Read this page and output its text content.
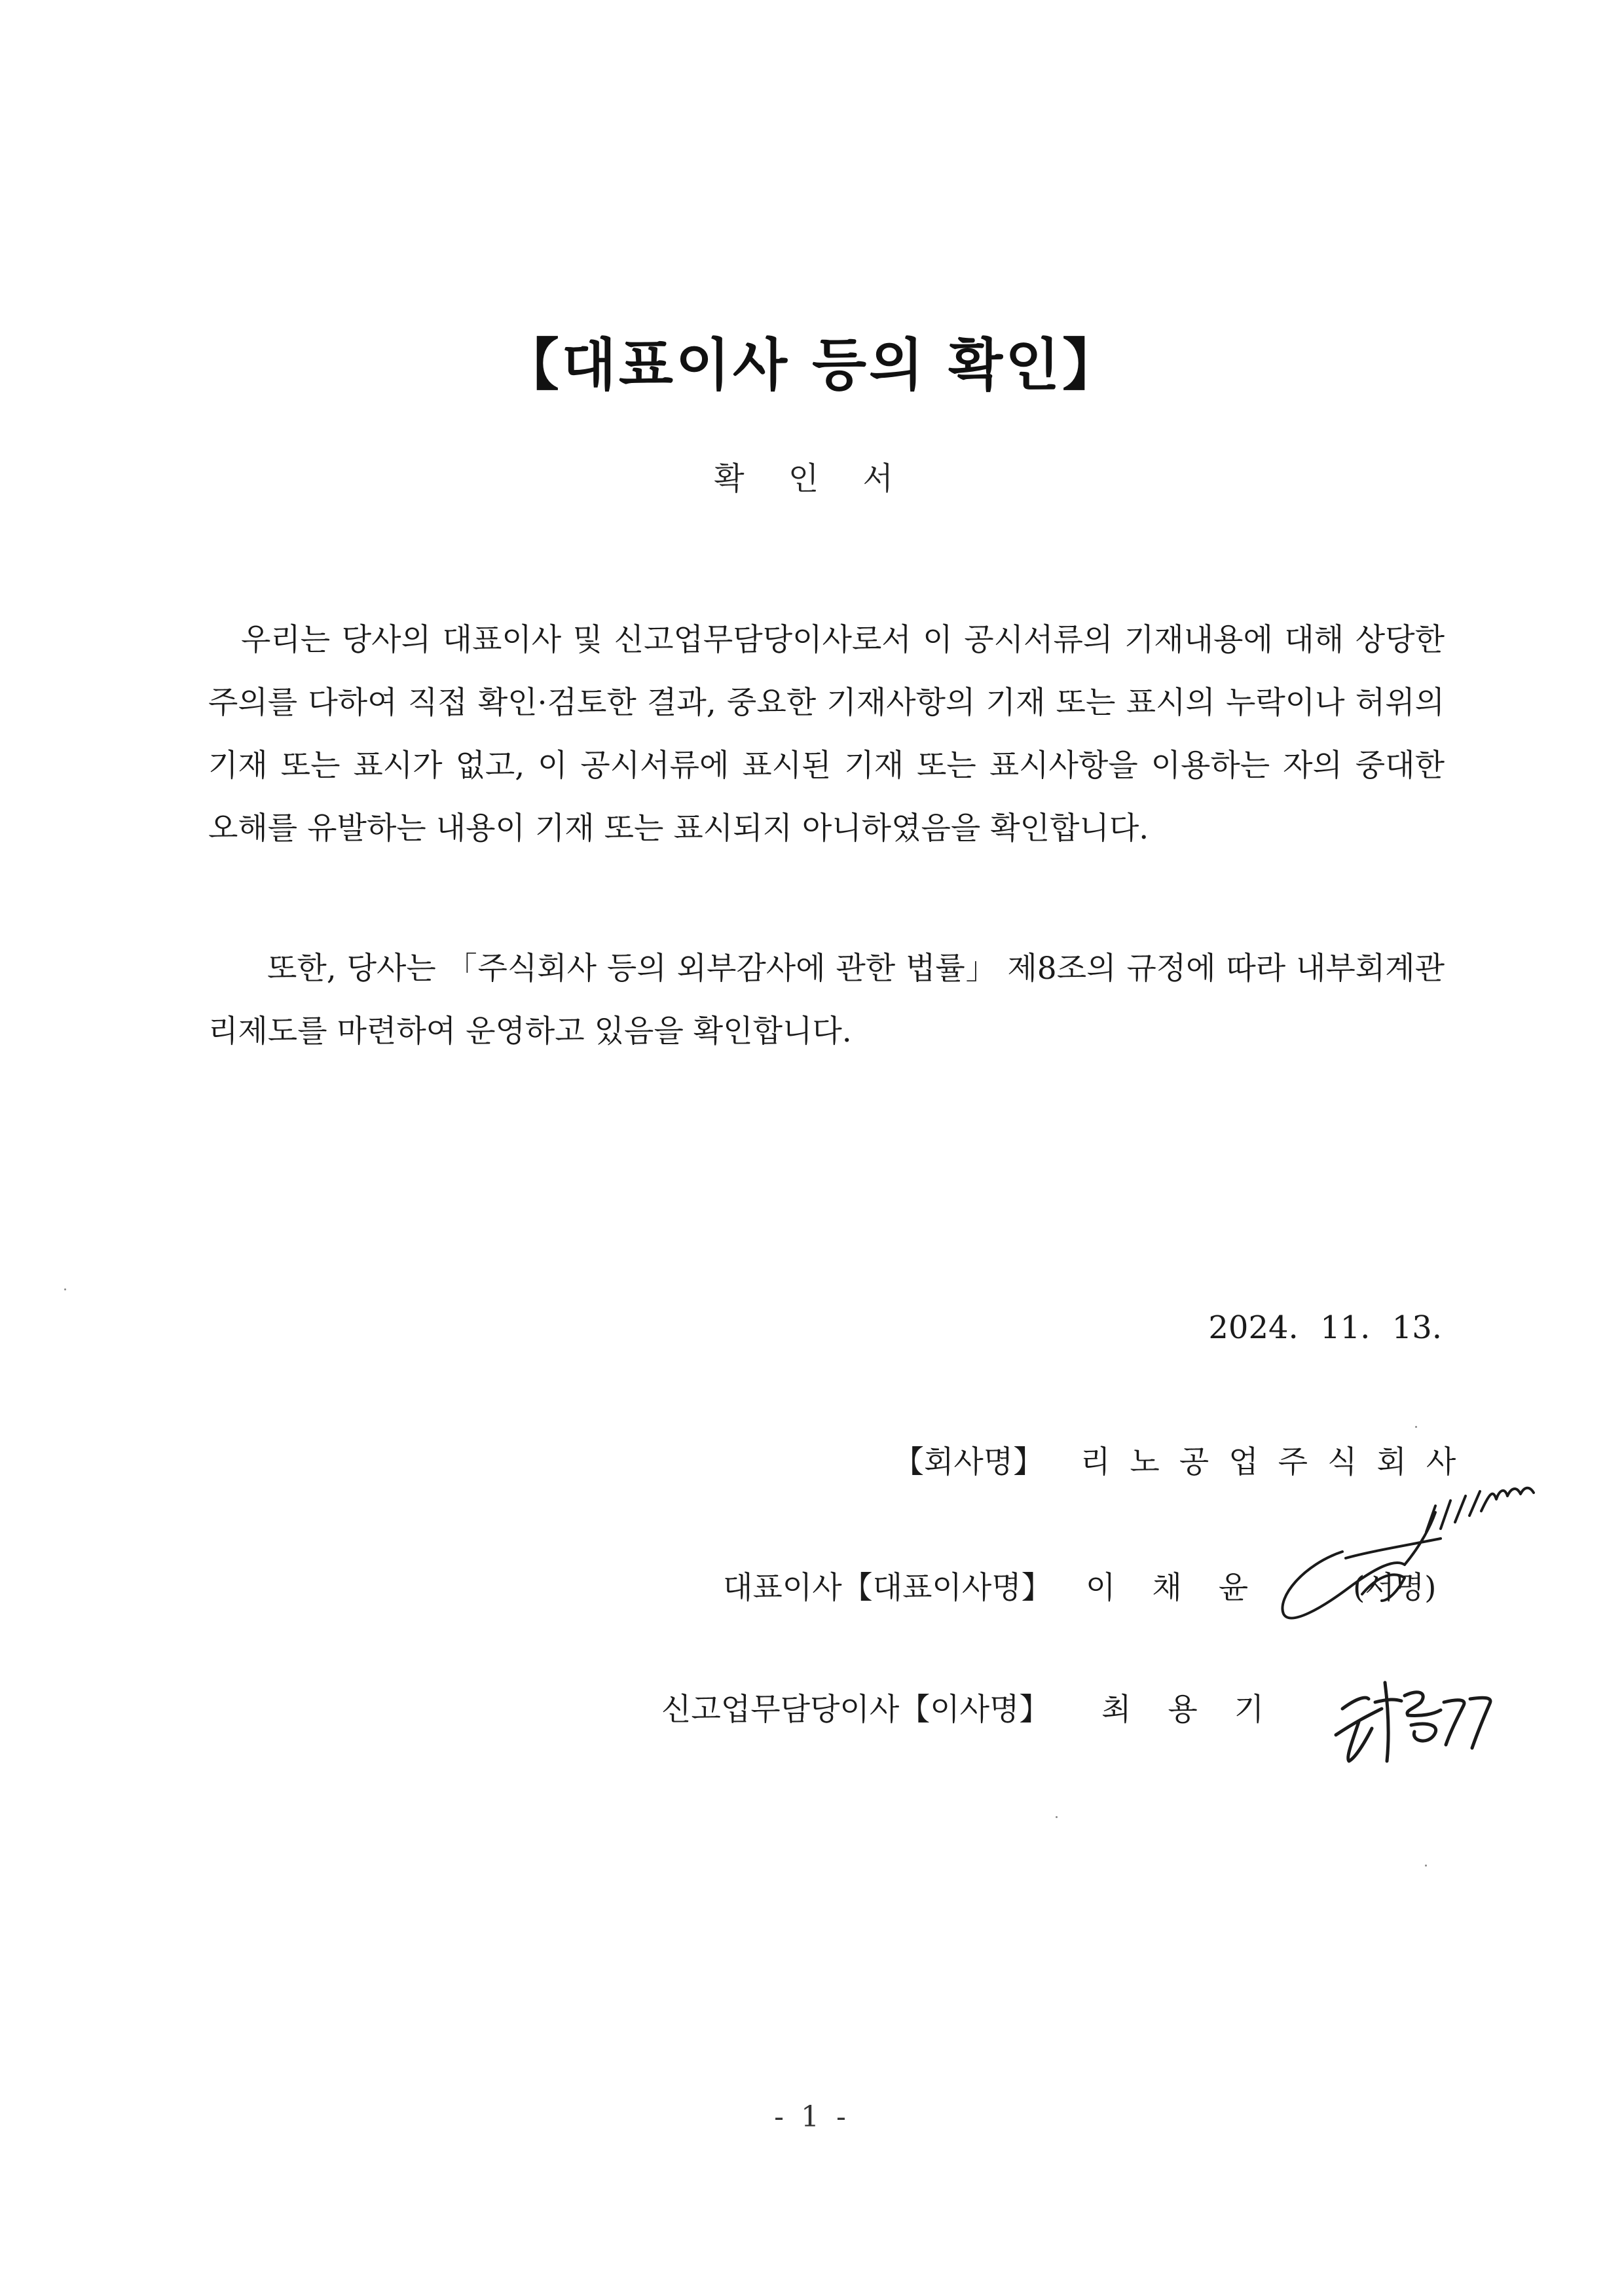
【대표이사 등의 확인】
확 인 서

우리는 당사의 대표이사 및 신고업무담당이사로서 이 공시서류의 기재내용에 대해 상당한 주의를 다하여 직접 확인·검토한 결과, 중요한 기재사항의 기재 또는 표시의 누락이나 허위의 기재 또는 표시가 없고, 이 공시서류에 표시된 기재 또는 표시사항을 이용하는 자의 중대한 오해를 유발하는 내용이 기재 또는 표시되지 아니하였음을 확인합니다.

또한, 당사는 「주식회사 등의 외부감사에 관한 법률」 제8조의 규정에 따라 내부회계관리제도를 마련하여 운영하고 있음을 확인합니다.

2024. 11. 13.
【회사명】 리노공업주식회사
대표이사【대표이사명】 이채윤 (서명)
신고업무담당이사【이사명】 최용기
- 1 -
